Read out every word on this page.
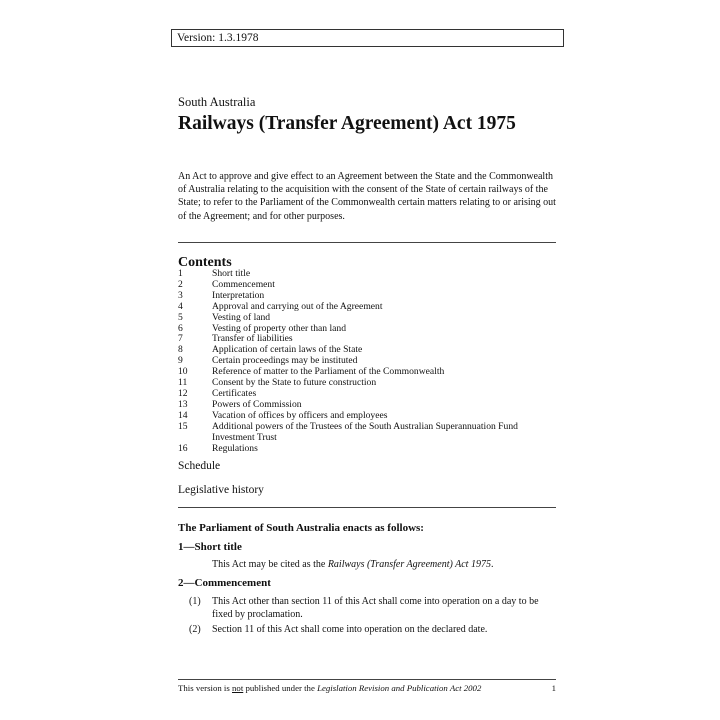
Version: 1.3.1978
South Australia
Railways (Transfer Agreement) Act 1975
An Act to approve and give effect to an Agreement between the State and the Commonwealth of Australia relating to the acquisition with the consent of the State of certain railways of the State; to refer to the Parliament of the Commonwealth certain matters relating to or arising out of the Agreement; and for other purposes.
Contents
1	Short title
2	Commencement
3	Interpretation
4	Approval and carrying out of the Agreement
5	Vesting of land
6	Vesting of property other than land
7	Transfer of liabilities
8	Application of certain laws of the State
9	Certain proceedings may be instituted
10	Reference of matter to the Parliament of the Commonwealth
11	Consent by the State to future construction
12	Certificates
13	Powers of Commission
14	Vacation of offices by officers and employees
15	Additional powers of the Trustees of the South Australian Superannuation Fund Investment Trust
16	Regulations
Schedule
Legislative history
The Parliament of South Australia enacts as follows:
1—Short title
This Act may be cited as the Railways (Transfer Agreement) Act 1975.
2—Commencement
(1)	This Act other than section 11 of this Act shall come into operation on a day to be fixed by proclamation.
(2)	Section 11 of this Act shall come into operation on the declared date.
This version is not published under the Legislation Revision and Publication Act 2002	1
